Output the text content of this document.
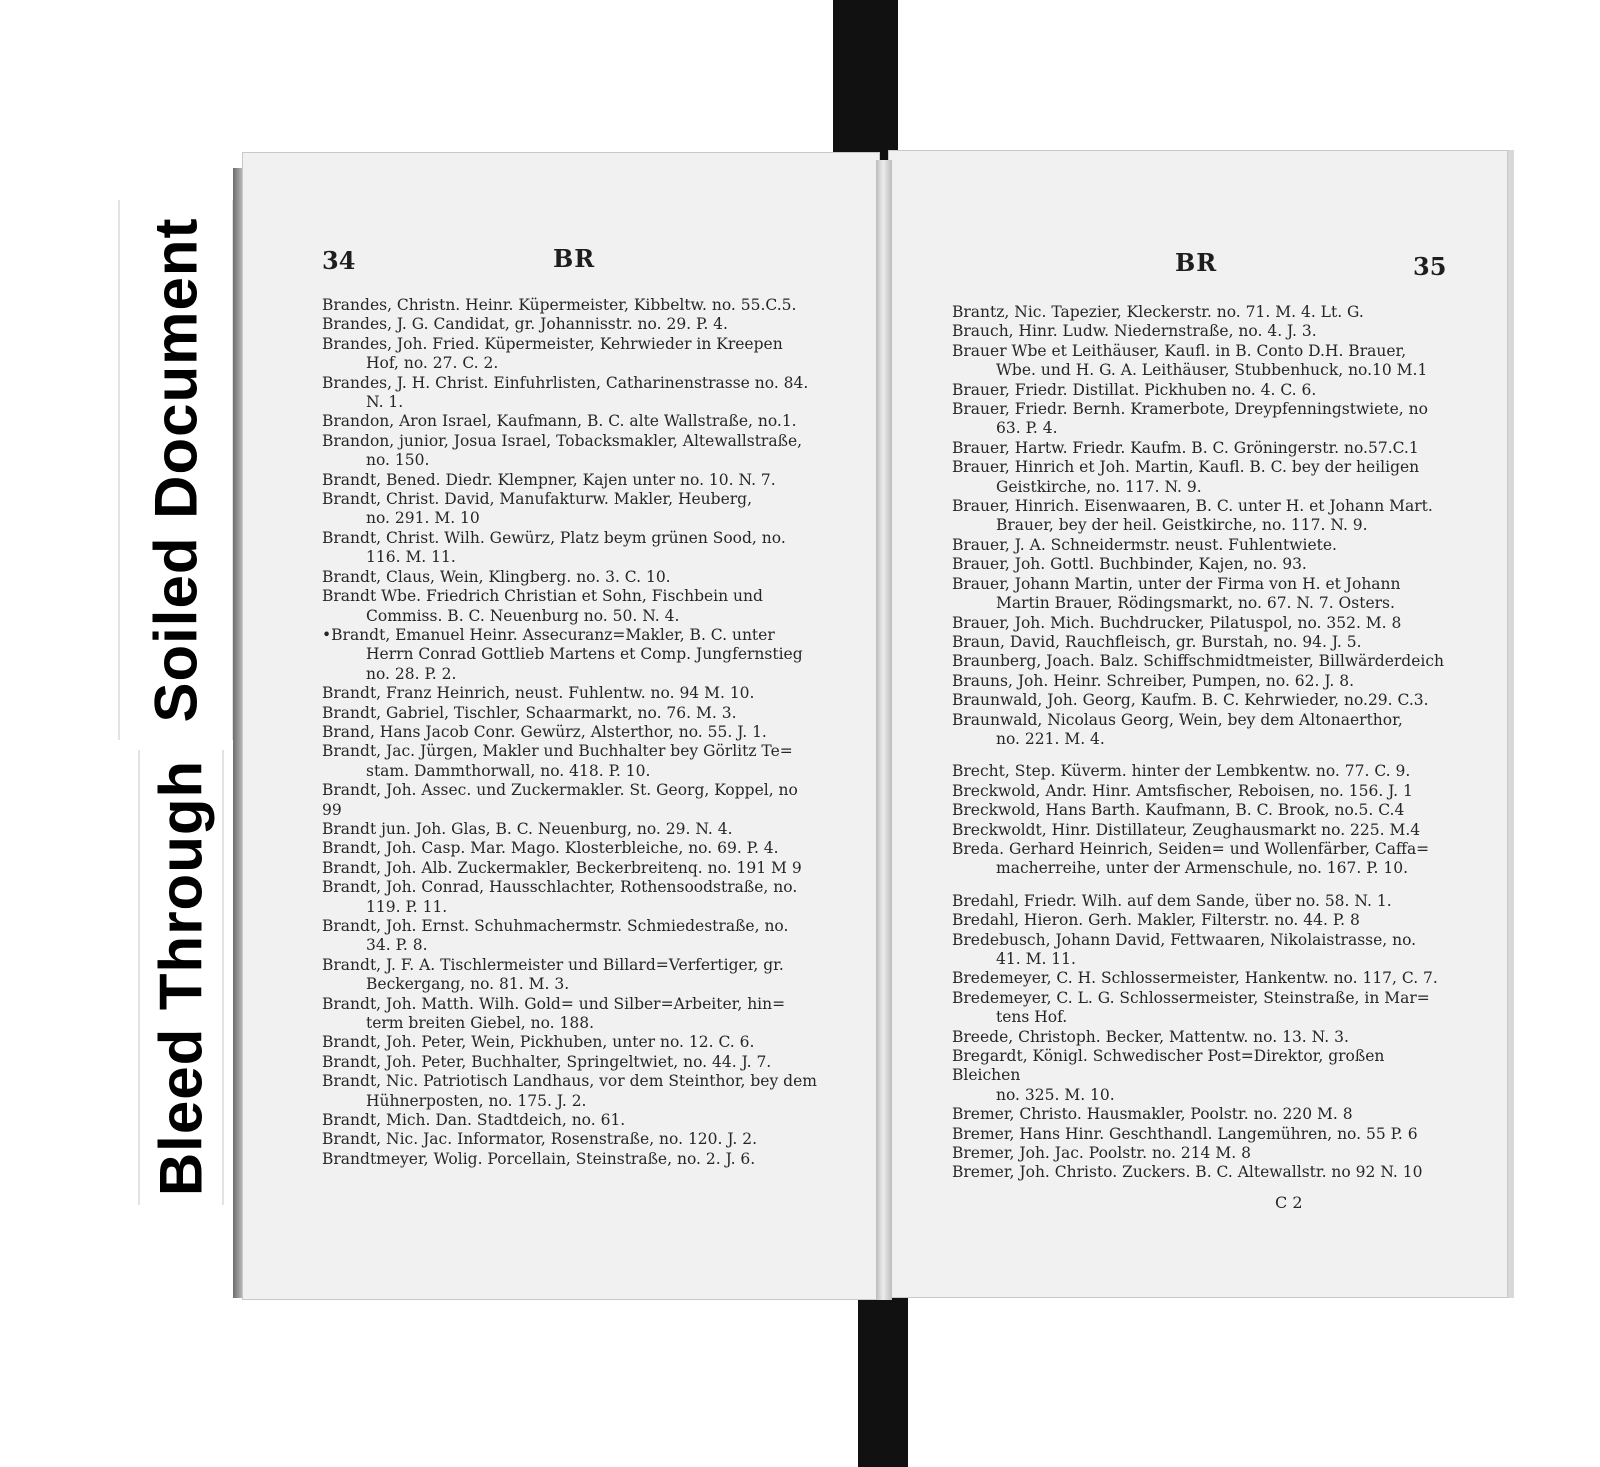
Soiled Document
Bleed Through
34	BR	BR	35
Brandes, Christn. Heinr. Küpermeister, Kibbeltw. no. 55.C.5.
Brandes, J. G. Candidat, gr. Johannisstr. no. 29. P. 4.
Brandes, Joh. Fried. Küpermeister, Kehrwieder in Kreepen
Hof, no. 27. C. 2.
Brandes, J. H. Christ. Einfuhrlisten, Catharinenstrasse no. 84.
N. 1.
Brandon, Aron Israel, Kaufmann, B. C. alte Wallstraße, no.1.
Brandon, junior, Josua Israel, Tobacksmakler, Altewallstraße,
no. 150.
Brandt, Bened. Diedr. Klempner, Kajen unter no. 10. N. 7.
Brandt, Christ. David, Manufakturw. Makler, Heuberg,
no. 291. M. 10
Brandt, Christ. Wilh. Gewürz, Platz beym grünen Sood, no.
116. M. 11.
Brandt, Claus, Wein, Klingberg. no. 3. C. 10.
Brandt Wbe. Friedrich Christian et Sohn, Fischbein und
Commiss. B. C. Neuenburg no. 50. N. 4.
•Brandt, Emanuel Heinr. Assecuranz=Makler, B. C. unter
Herrn Conrad Gottlieb Martens et Comp. Jungfernstieg
no. 28. P. 2.
Brandt, Franz Heinrich, neust. Fuhlentw. no. 94 M. 10.
Brandt, Gabriel, Tischler, Schaarmarkt, no. 76. M. 3.
Brand, Hans Jacob Conr. Gewürz, Alsterthor, no. 55. J. 1.
Brandt, Jac. Jürgen, Makler und Buchhalter bey Görlitz Te=
stam. Dammthorwall, no. 418. P. 10.
Brandt, Joh. Assec. und Zuckermakler. St. Georg, Koppel, no 99
Brandt jun. Joh. Glas, B. C. Neuenburg, no. 29. N. 4.
Brandt, Joh. Casp. Mar. Mago. Klosterbleiche, no. 69. P. 4.
Brandt, Joh. Alb. Zuckermakler, Beckerbreitenq. no. 191 M 9
Brandt, Joh. Conrad, Hausschlachter, Rothensoodstraße, no.
119. P. 11.
Brandt, Joh. Ernst. Schuhmachermstr. Schmiedestraße, no.
34. P. 8.
Brandt, J. F. A. Tischlermeister und Billard=Verfertiger, gr.
Beckergang, no. 81. M. 3.
Brandt, Joh. Matth. Wilh. Gold= und Silber=Arbeiter, hin=
term breiten Giebel, no. 188.
Brandt, Joh. Peter, Wein, Pickhuben, unter no. 12. C. 6.
Brandt, Joh. Peter, Buchhalter, Springeltwiet, no. 44. J. 7.
Brandt, Nic. Patriotisch Landhaus, vor dem Steinthor, bey dem
Hühnerposten, no. 175. J. 2.
Brandt, Mich. Dan. Stadtdeich, no. 61.
Brandt, Nic. Jac. Informator, Rosenstraße, no. 120. J. 2.
Brandtmeyer, Wolig. Porcellain, Steinstraße, no. 2. J. 6.
Brantz, Nic. Tapezier, Kleckerstr. no. 71. M. 4. Lt. G.
Brauch, Hinr. Ludw. Niedernstraße, no. 4. J. 3.
Brauer Wbe et Leithäuser, Kaufl. in B. Conto D.H. Brauer,
Wbe. und H. G. A. Leithäuser, Stubbenhuck, no.10 M.1
Brauer, Friedr. Distillat. Pickhuben no. 4. C. 6.
Brauer, Friedr. Bernh. Kramerbote, Dreypfenningstwiete, no
63. P. 4.
Brauer, Hartw. Friedr. Kaufm. B. C. Gröningerstr. no.57.C.1
Brauer, Hinrich et Joh. Martin, Kaufl. B. C. bey der heiligen
Geistkirche, no. 117. N. 9.
Brauer, Hinrich. Eisenwaaren, B. C. unter H. et Johann Mart.
Brauer, bey der heil. Geistkirche, no. 117. N. 9.
Brauer, J. A. Schneidermstr. neust. Fuhlentwiete.
Brauer, Joh. Gottl. Buchbinder, Kajen, no. 93.
Brauer, Johann Martin, unter der Firma von H. et Johann
Martin Brauer, Rödingsmarkt, no. 67. N. 7. Osters.
Brauer, Joh. Mich. Buchdrucker, Pilatuspol, no. 352. M. 8
Braun, David, Rauchfleisch, gr. Burstah, no. 94. J. 5.
Braunberg, Joach. Balz. Schiffschmidtmeister, Billwärderdeich
Brauns, Joh. Heinr. Schreiber, Pumpen, no. 62. J. 8.
Braunwald, Joh. Georg, Kaufm. B. C. Kehrwieder, no.29. C.3.
Braunwald, Nicolaus Georg, Wein, bey dem Altonaerthor,
no. 221. M. 4.
Brecht, Step. Küverm. hinter der Lembkentw. no. 77. C. 9.
Breckwold, Andr. Hinr. Amtsfischer, Reboisen, no. 156. J. 1
Breckwold, Hans Barth. Kaufmann, B. C. Brook, no.5. C.4
Breckwoldt, Hinr. Distillateur, Zeughausmarkt no. 225. M.4
Breda. Gerhard Heinrich, Seiden= und Wollenfärber, Caffa=
macherreihe, unter der Armenschule, no. 167. P. 10.
Bredahl, Friedr. Wilh. auf dem Sande, über no. 58. N. 1.
Bredahl, Hieron. Gerh. Makler, Filterstr. no. 44. P. 8
Bredebusch, Johann David, Fettwaaren, Nikolaistrasse, no.
41. M. 11.
Bredemeyer, C. H. Schlossermeister, Hankentw. no. 117, C. 7.
Bredemeyer, C. L. G. Schlossermeister, Steinstraße, in Mar=
tens Hof.
Breede, Christoph. Becker, Mattentw. no. 13. N. 3.
Bregardt, Königl. Schwedischer Post=Direktor, großen Bleichen
no. 325. M. 10.
Bremer, Christo. Hausmakler, Poolstr. no. 220 M. 8
Bremer, Hans Hinr. Geschthandl. Langemühren, no. 55 P. 6
Bremer, Joh. Jac. Poolstr. no. 214 M. 8
Bremer, Joh. Christo. Zuckers. B. C. Altewallstr. no 92 N. 10
C 2
